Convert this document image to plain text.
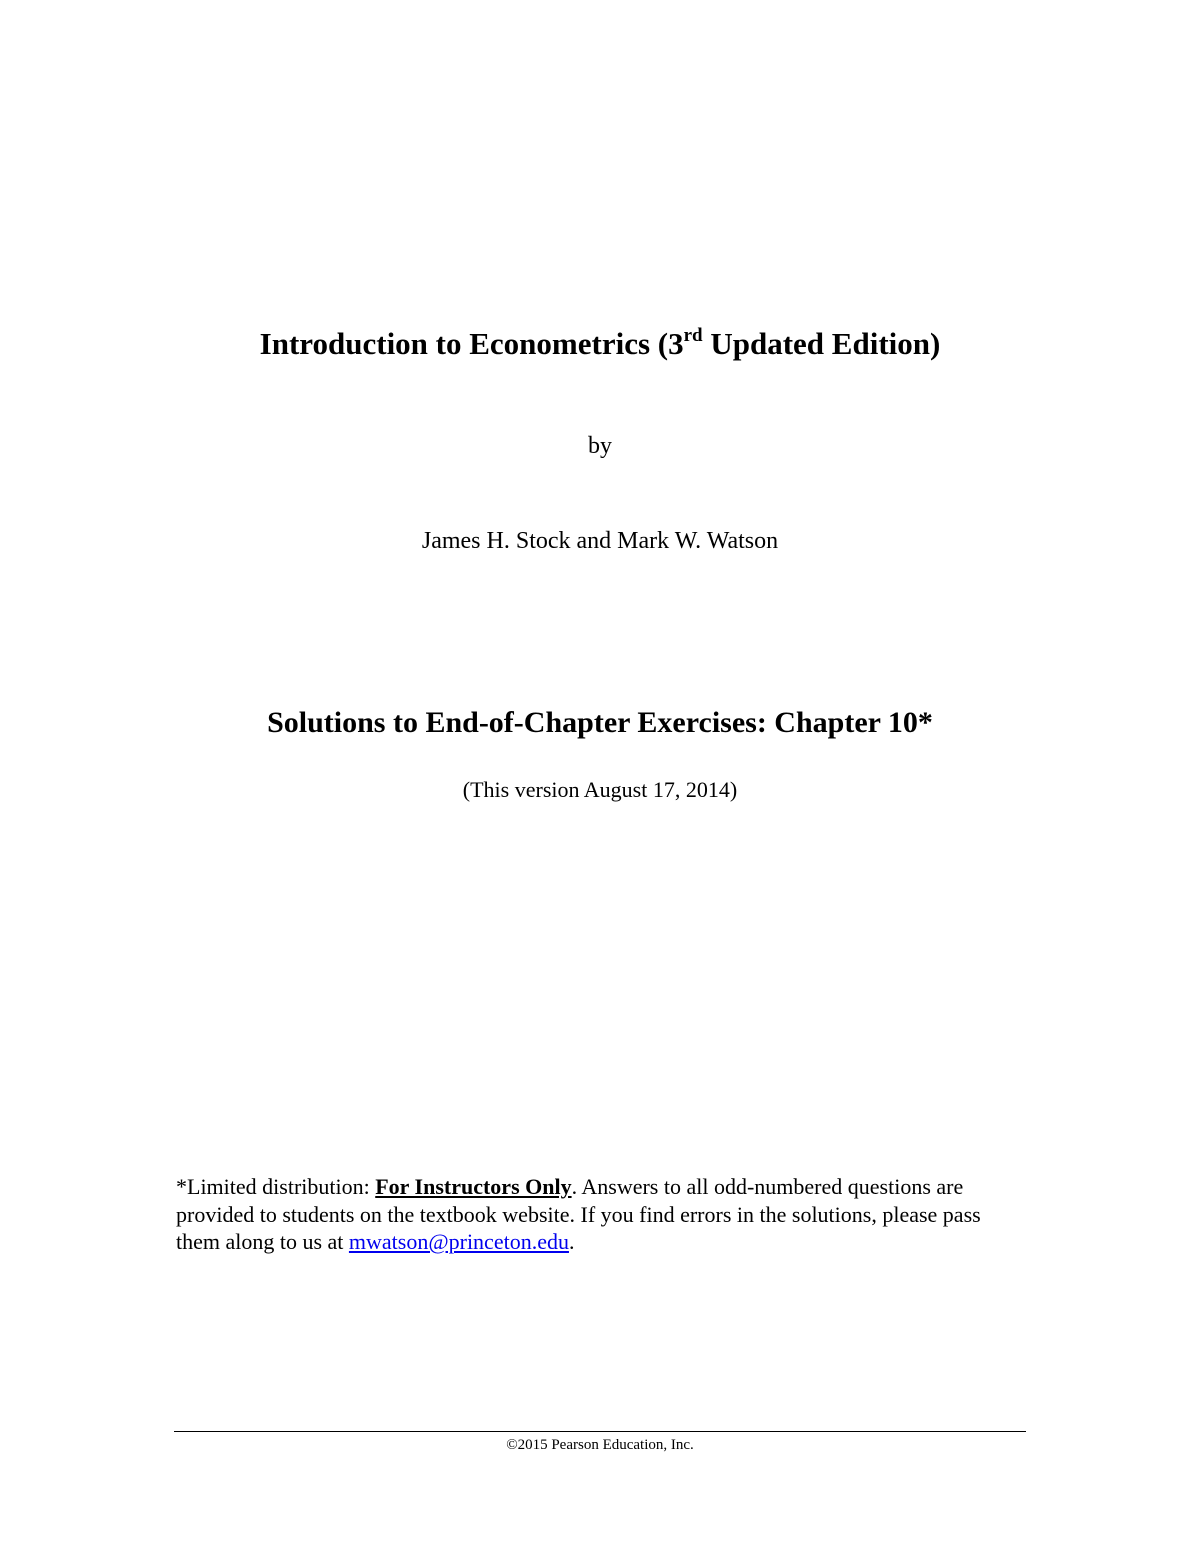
Introduction to Econometrics (3rd Updated Edition)
by
James H. Stock and Mark W. Watson
Solutions to End-of-Chapter Exercises: Chapter 10*
(This version August 17, 2014)
*Limited distribution: For Instructors Only. Answers to all odd-numbered questions are provided to students on the textbook website. If you find errors in the solutions, please pass them along to us at mwatson@princeton.edu.
©2015 Pearson Education, Inc.
